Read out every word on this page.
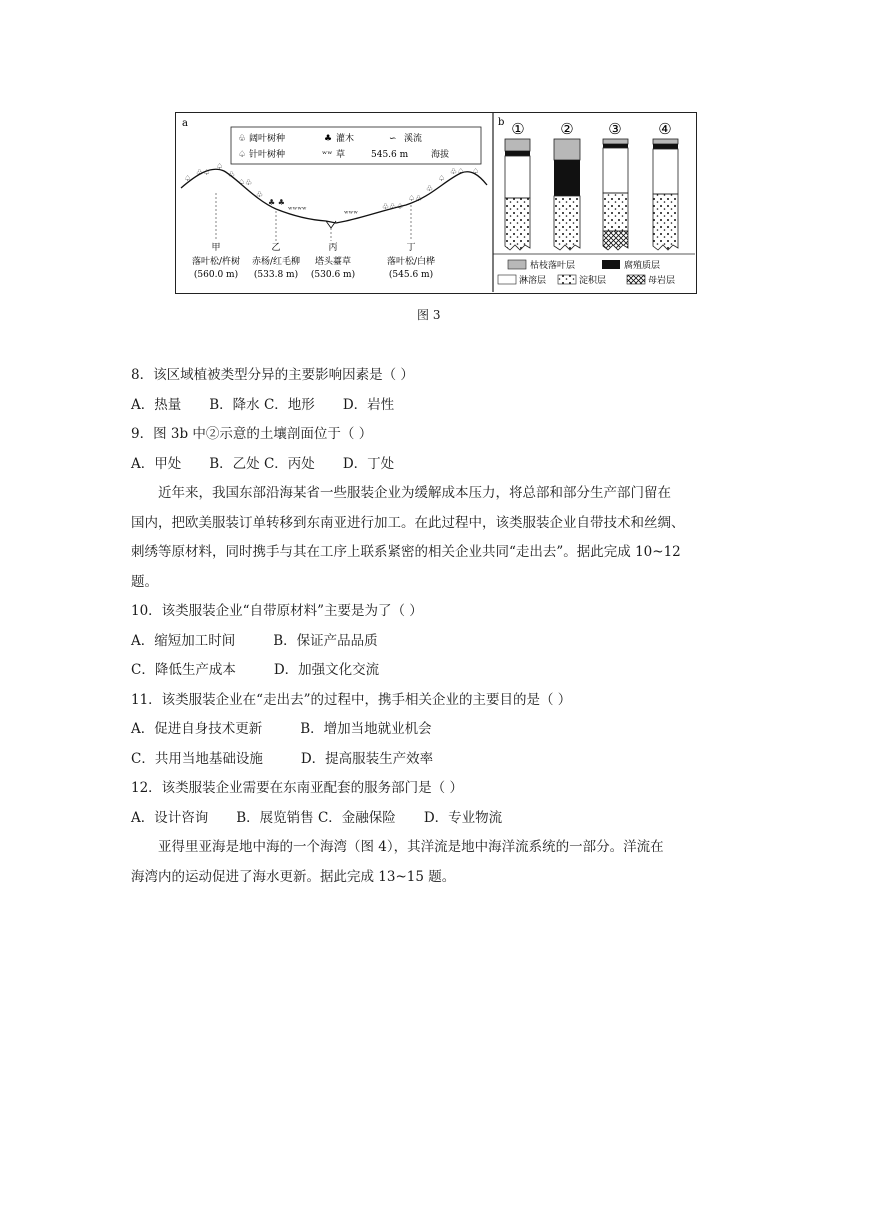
a
♧ 阔叶树种	♣ 灌木	∽ 溪流
♤ 针叶树种	ʷʷ 草	545.6 m	海拔
♤
♧♤
♤
♧
♤♧
♧
♣ ♣
ʷʷʷʷ	ʷʷʷ
♧♧♤
♤♧
♧
♤
♧♤ ♤
甲
落叶松/杵树
(560.0 m)
乙
赤杨/红毛柳
(533.8 m)
丙
塔头薹草
(530.6 m)
丁
落叶松/白桦
(545.6 m)
b ① ② ③ ④
枯枝落叶层	腐殖质层
淋溶层	淀积层	母岩层
图 3
8．该区域植被类型分异的主要影响因素是（ ）
A．热量 B．降水 C．地形 D．岩性
9．图 3b 中②示意的土壤剖面位于（ ）
A．甲处 B．乙处 C．丙处 D．丁处
近年来，我国东部沿海某省一些服装企业为缓解成本压力，将总部和部分生产部门留在
国内，把欧美服装订单转移到东南亚进行加工。在此过程中，该类服装企业自带技术和丝绸、
刺绣等原材料，同时携手与其在工序上联系紧密的相关企业共同“走出去”。据此完成 10~12
题。
10．该类服装企业“自带原材料”主要是为了（ ）
A．缩短加工时间	B．保证产品品质
C．降低生产成本	D．加强文化交流
11．该类服装企业在“走出去”的过程中，携手相关企业的主要目的是（ ）
A．促进自身技术更新	B．增加当地就业机会
C．共用当地基础设施	D．提高服装生产效率
12．该类服装企业需要在东南亚配套的服务部门是（ ）
A．设计咨询 B．展览销售 C．金融保险 D．专业物流
亚得里亚海是地中海的一个海湾（图 4），其洋流是地中海洋流系统的一部分。洋流在
海湾内的运动促进了海水更新。据此完成 13~15 题。
